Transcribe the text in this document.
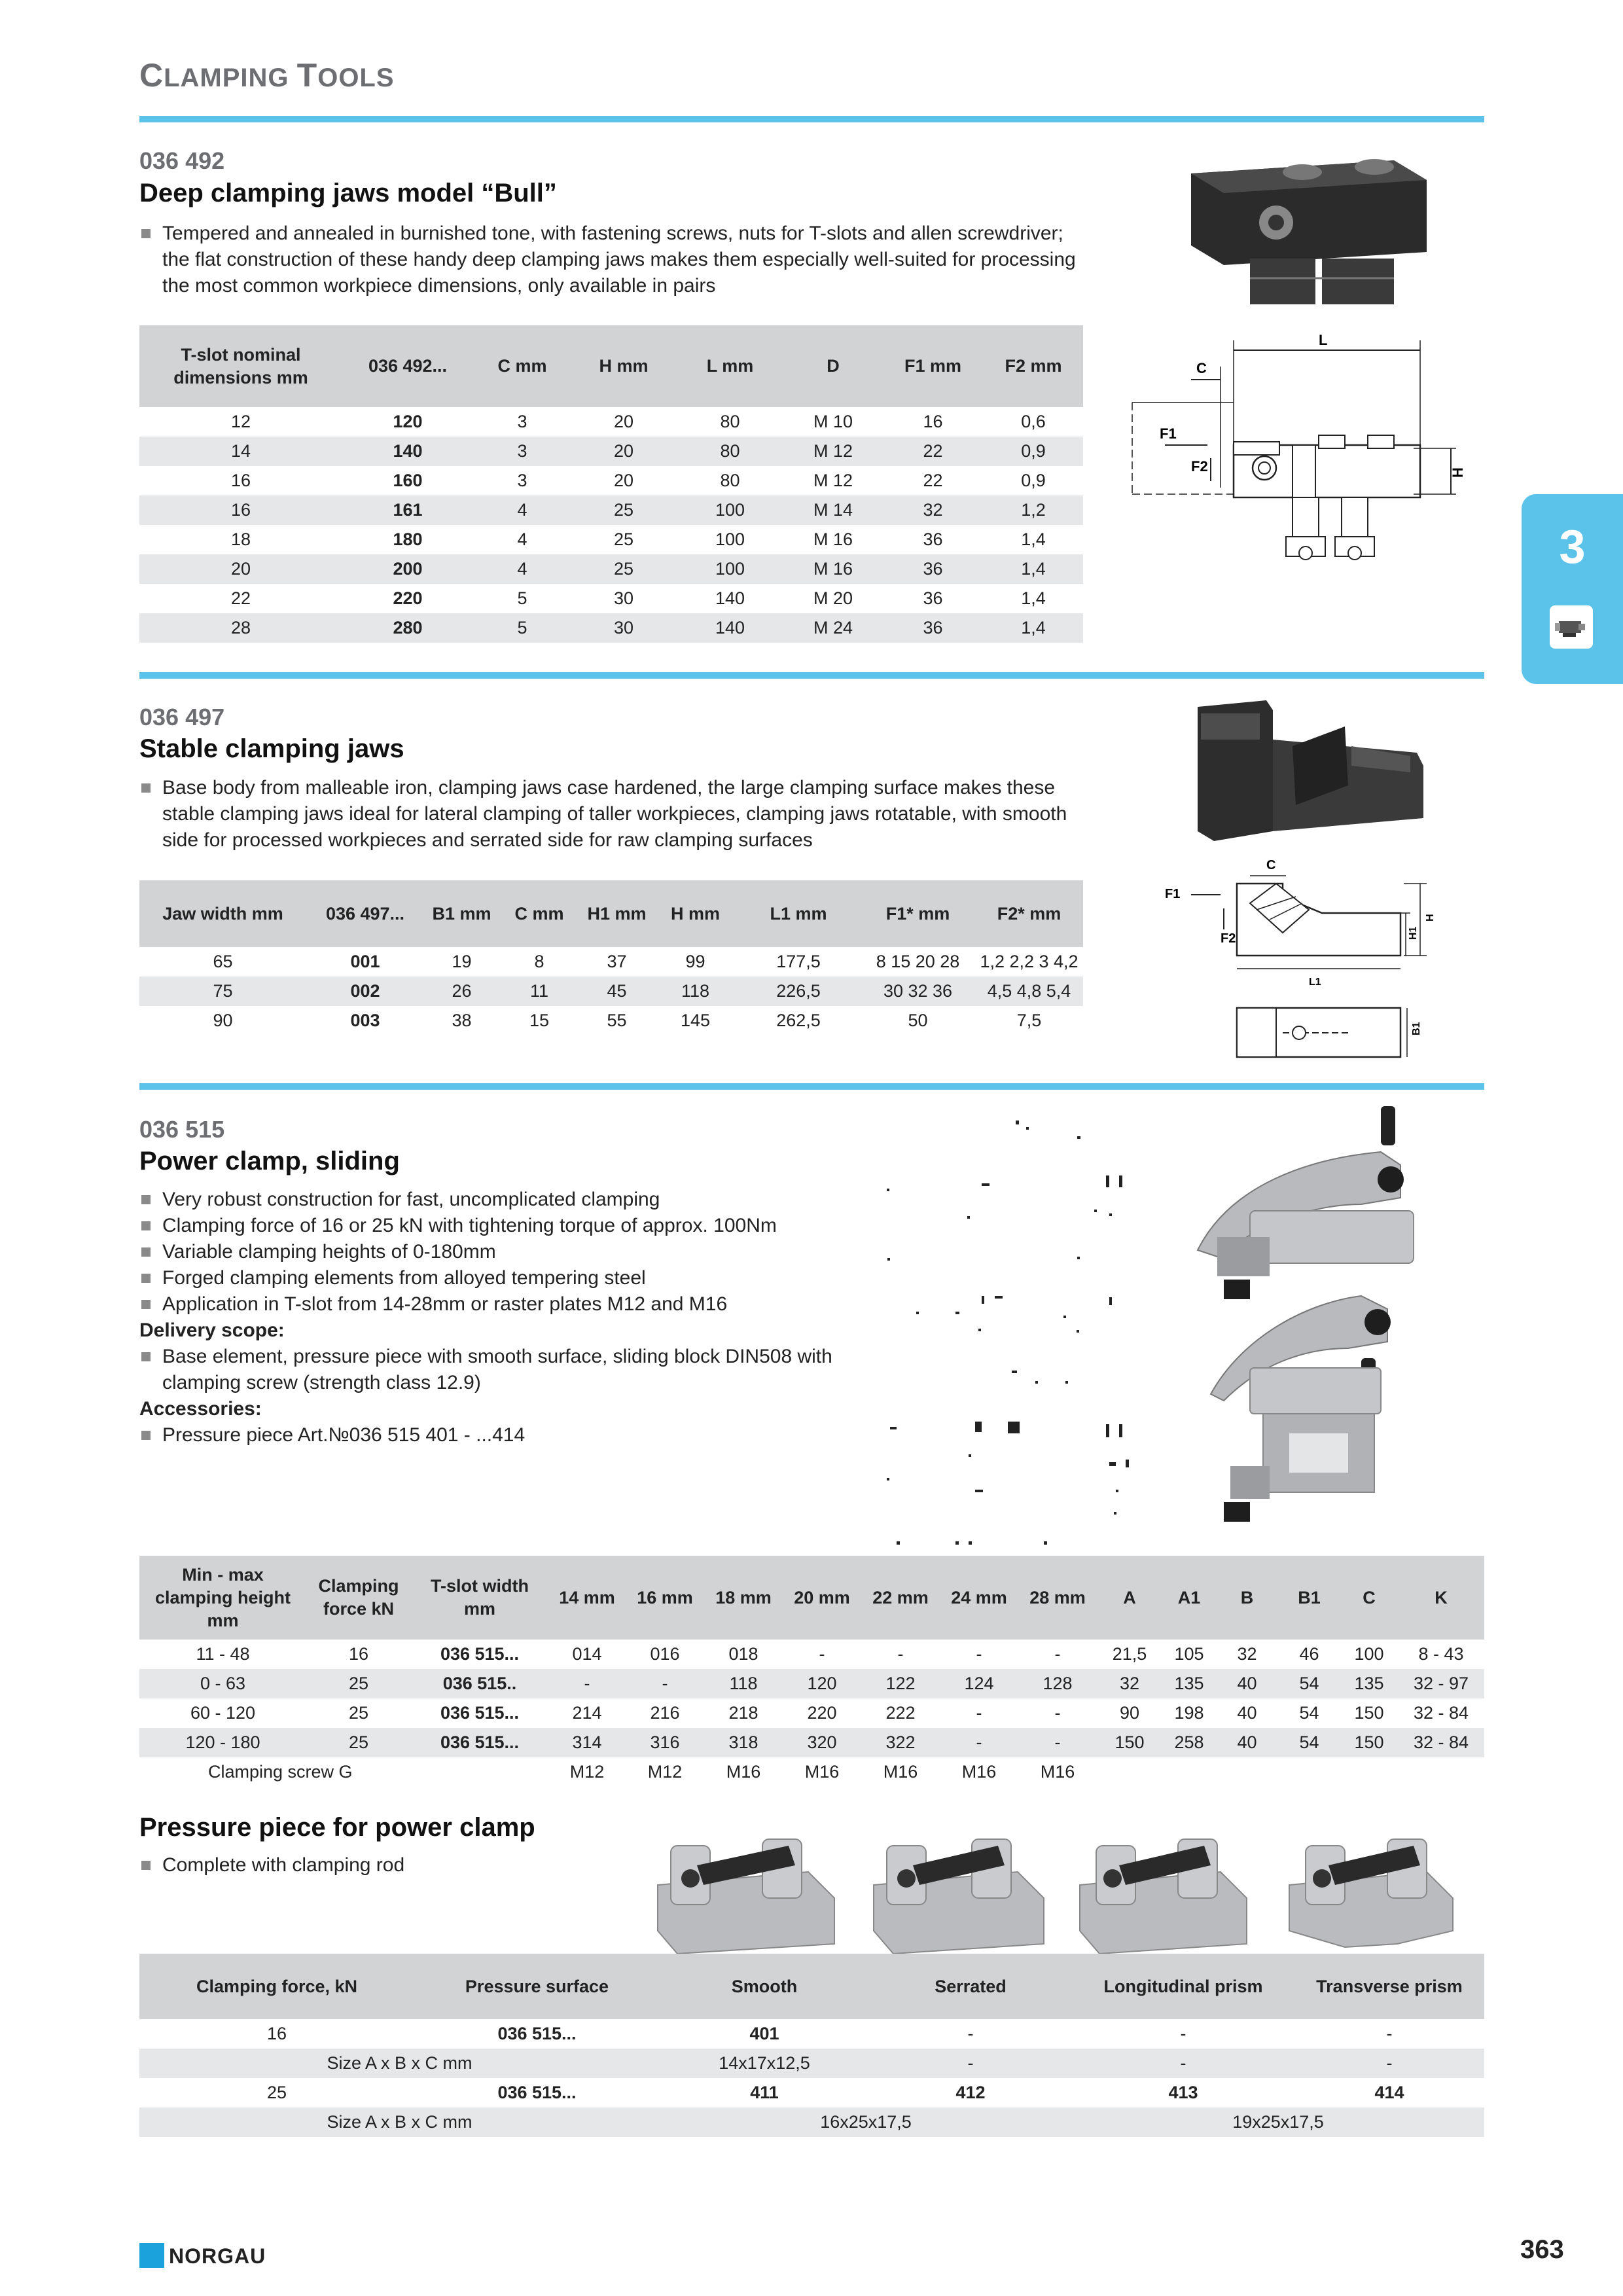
CLAMPING TOOLS
3
036 492
Deep clamping jaws model “Bull”
Tempered and annealed in burnished tone, with fastening screws, nuts for T-slots and allen screwdriver; the flat construction of these handy deep clamping jaws makes them especially well-suited for processing the most common workpiece dimensions, only available in pairs
T-slot nominal dimensions mm	036 492...	C mm	H mm	L mm	D	F1 mm	F2 mm
12	120	3	20	80	M 10	16	0,6
14	140	3	20	80	M 12	22	0,9
16	160	3	20	80	M 12	22	0,9
16	161	4	25	100	M 14	32	1,2
18	180	4	25	100	M 16	36	1,4
20	200	4	25	100	M 16	36	1,4
22	220	5	30	140	M 20	36	1,4
28	280	5	30	140	M 24	36	1,4
L
C
F1
F2	H
036 497
Stable clamping jaws
Base body from malleable iron, clamping jaws case hardened, the large clamping surface makes these stable clamping jaws ideal for lateral clamping of taller workpieces, clamping jaws rotatable, with smooth side for processed workpieces and serrated side for raw clamping surfaces
Jaw width mm	036 497...	B1 mm	C mm	H1 mm	H mm	L1 mm	F1* mm	F2* mm
65	001	19	8	37	99	177,5	8 15 20 28	1,2 2,2 3 4,2
75	002	26	11	45	118	226,5	30 32 36	4,5 4,8 5,4
90	003	38	15	55	145	262,5	50	7,5
C
F1
F2
H
H1
L1
B1
036 515
Power clamp, sliding
Very robust construction for fast, uncomplicated clamping
Clamping force of 16 or 25 kN with tightening torque of approx. 100Nm
Variable clamping heights of 0-180mm
Forged clamping elements from alloyed tempering steel
Application in T-slot from 14-28mm or raster plates M12 and M16
Delivery scope:
Base element, pressure piece with smooth surface, sliding block DIN508 with clamping screw (strength class 12.9)
Accessories:
Pressure piece Art.№036 515 401 - ...414
Min - max clamping height mm	Clamping force kN	T-slot width mm	14 mm	16 mm	18 mm	20 mm	22 mm	24 mm	28 mm	A	A1	B	B1	C	K
11 - 48	16	036 515...	014	016	018	-	-	-	-	21,5	105	32	46	100	8 - 43
0 - 63	25	036 515..	-	-	118	120	122	124	128	32	135	40	54	135	32 - 97
60 - 120	25	036 515...	214	216	218	220	222	-	-	90	198	40	54	150	32 - 84
120 - 180	25	036 515...	314	316	318	320	322	-	-	150	258	40	54	150	32 - 84
Clamping screw G			M12	M12	M16	M16	M16	M16	M16						
Pressure piece for power clamp
Complete with clamping rod
Clamping force, kN	Pressure surface	Smooth	Serrated	Longitudinal prism	Transverse prism
16	036 515...	401	-	-	-
Size A x B x C mm		14x17x12,5	-	-	-
25	036 515...	411	412	413	414
Size A x B x C mm		16x25x17,5		19x25x17,5	
NORGAU	363
